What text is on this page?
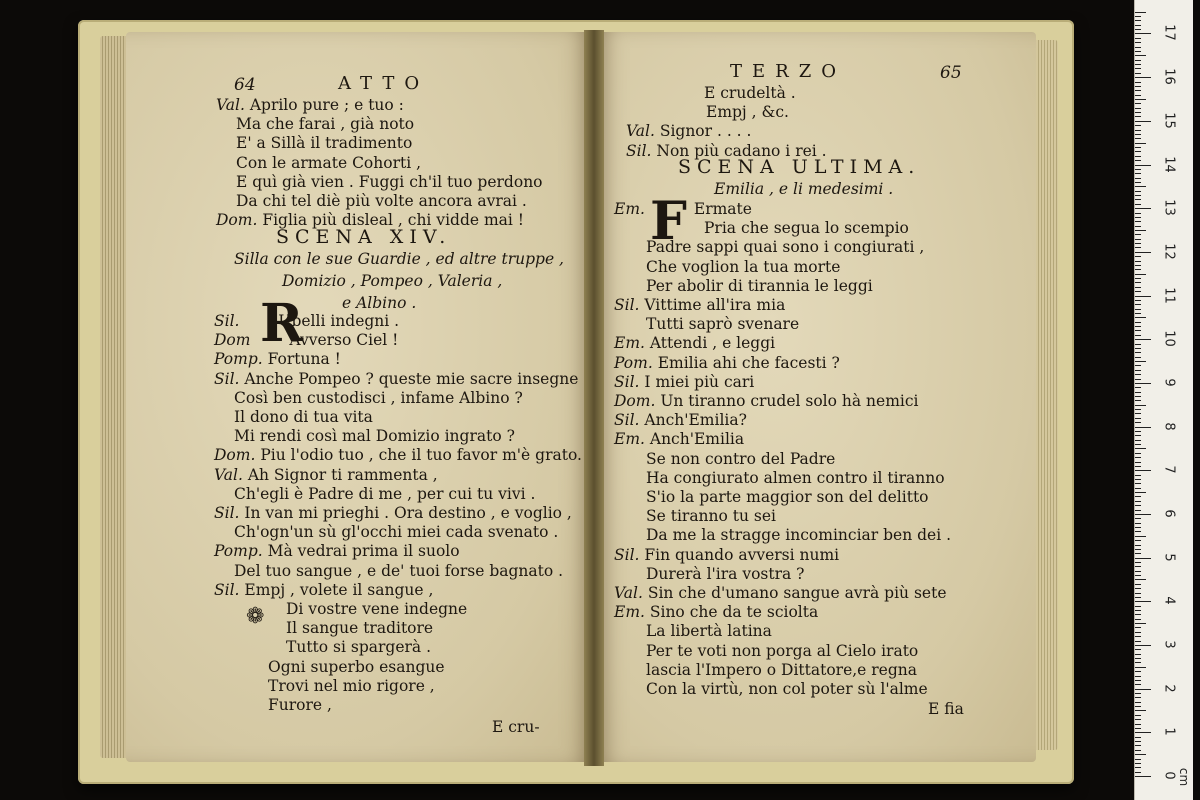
64	ATTO
Val. Aprilo pure ; e tuo :
Ma che farai , già noto
E' a Sillà il tradimento
Con le armate Cohorti ,
E quì già vien . Fuggi ch'il tuo perdono
Da chi tel diè più volte ancora avrai .
Dom. Figlia più disleal , chi vidde mai !
SCENA XIV.
Silla con le sue Guardie , ed altre truppe ,
Domizio , Pompeo , Valeria ,
e Albino .
Sil. Ubelli indegni .
Dom Avverso Ciel !
Pomp. Fortuna !
Sil. Anche Pompeo ? queste mie sacre insegne
Così ben custodisci , infame Albino ?
Il dono di tua vita
Mi rendi così mal Domizio ingrato ?
Dom. Piu l'odio tuo , che il tuo favor m'è grato.
Val. Ah Signor ti rammenta ,
Ch'egli è Padre di me , per cui tu vivi .
Sil. In van mi prieghi . Ora destino , e voglio ,
Ch'ogn'un sù gl'occhi miei cada svenato .
Pomp. Mà vedrai prima il suolo
Del tuo sangue , e de' tuoi forse bagnato .
Sil. Empj , volete il sangue ,
Di vostre vene indegne
Il sangue traditore
Tutto si spargerà .
Ogni superbo esangue
Trovi nel mio rigore ,
Furore ,
R
❁
E cru-
TERZO	65
E crudeltà .
Empj , &c.
Val. Signor . . . .
Sil. Non più cadano i rei .
SCENA ULTIMA.
Emilia , e li medesimi .
Em.	Ermate
Pria che segua lo scempio
Padre sappi quai sono i congiurati ,
Che voglion la tua morte
Per abolir di tirannia le leggi
Sil. Vittime all'ira mia
Tutti saprò svenare
Em. Attendi , e leggi
Pom. Emilia ahi che facesti ?
Sil. I miei più cari
Dom. Un tiranno crudel solo hà nemici
Sil. Anch'Emilia?
Em. Anch'Emilia
Se non contro del Padre
Ha congiurato almen contro il tiranno
S'io la parte maggior son del delitto
Se tiranno tu sei
Da me la stragge incominciar ben dei .
Sil. Fin quando avversi numi
Durerà l'ira vostra ?
Val. Sin che d'umano sangue avrà più sete
Em. Sino che da te sciolta
La libertà latina
Per te voti non porga al Cielo irato
lascia l'Impero o Dittatore,e regna
Con la virtù, non col poter sù l'alme
F
E fia
0
1
2
3
4
5
6
7
8
9
10
11
12
13
14
15
16
17
cm
